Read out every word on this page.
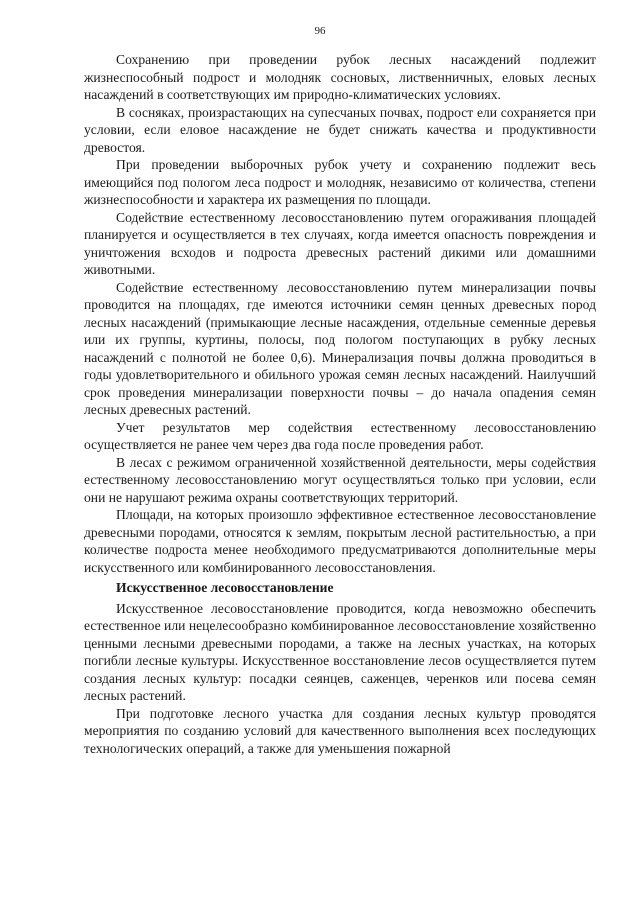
96

Сохранению при проведении рубок лесных насаждений подлежит жизнеспособный подрост и молодняк сосновых, лиственничных, еловых лесных насаждений в соответствующих им природно-климатических условиях.

В сосняках, произрастающих на супесчаных почвах, подрост ели сохраняется при условии, если еловое насаждение не будет снижать качества и продуктивности древостоя.

При проведении выборочных рубок учету и сохранению подлежит весь имеющийся под пологом леса подрост и молодняк, независимо от количества, степени жизнеспособности и характера их размещения по площади.

Содействие естественному лесовосстановлению путем огораживания площадей планируется и осуществляется в тех случаях, когда имеется опасность повреждения и уничтожения всходов и подроста древесных растений дикими или домашними животными.

Содействие естественному лесовосстановлению путем минерализации почвы проводится на площадях, где имеются источники семян ценных древесных пород лесных насаждений (примыкающие лесные насаждения, отдельные семенные деревья или их группы, куртины, полосы, под пологом поступающих в рубку лесных насаждений с полнотой не более 0,6). Минерализация почвы должна проводиться в годы удовлетворительного и обильного урожая семян лесных насаждений. Наилучший срок проведения минерализации поверхности почвы – до начала опадения семян лесных древесных растений.

Учет результатов мер содействия естественному лесовосстановлению осуществляется не ранее чем через два года после проведения работ.

В лесах с режимом ограниченной хозяйственной деятельности, меры содействия естественному лесовосстановлению могут осуществляться только при условии, если они не нарушают режима охраны соответствующих территорий.

Площади, на которых произошло эффективное естественное лесовосстановление древесными породами, относятся к землям, покрытым лесной растительностью, а при количестве подроста менее необходимого предусматриваются дополнительные меры искусственного или комбинированного лесовосстановления.

Искусственное лесовосстановление

Искусственное лесовосстановление проводится, когда невозможно обеспечить естественное или нецелесообразно комбинированное лесовосстановление хозяйственно ценными лесными древесными породами, а также на лесных участках, на которых погибли лесные культуры. Искусственное восстановление лесов осуществляется путем создания лесных культур: посадки сеянцев, саженцев, черенков или посева семян лесных растений.

При подготовке лесного участка для создания лесных культур проводятся мероприятия по созданию условий для качественного выполнения всех последующих технологических операций, а также для уменьшения пожарной
